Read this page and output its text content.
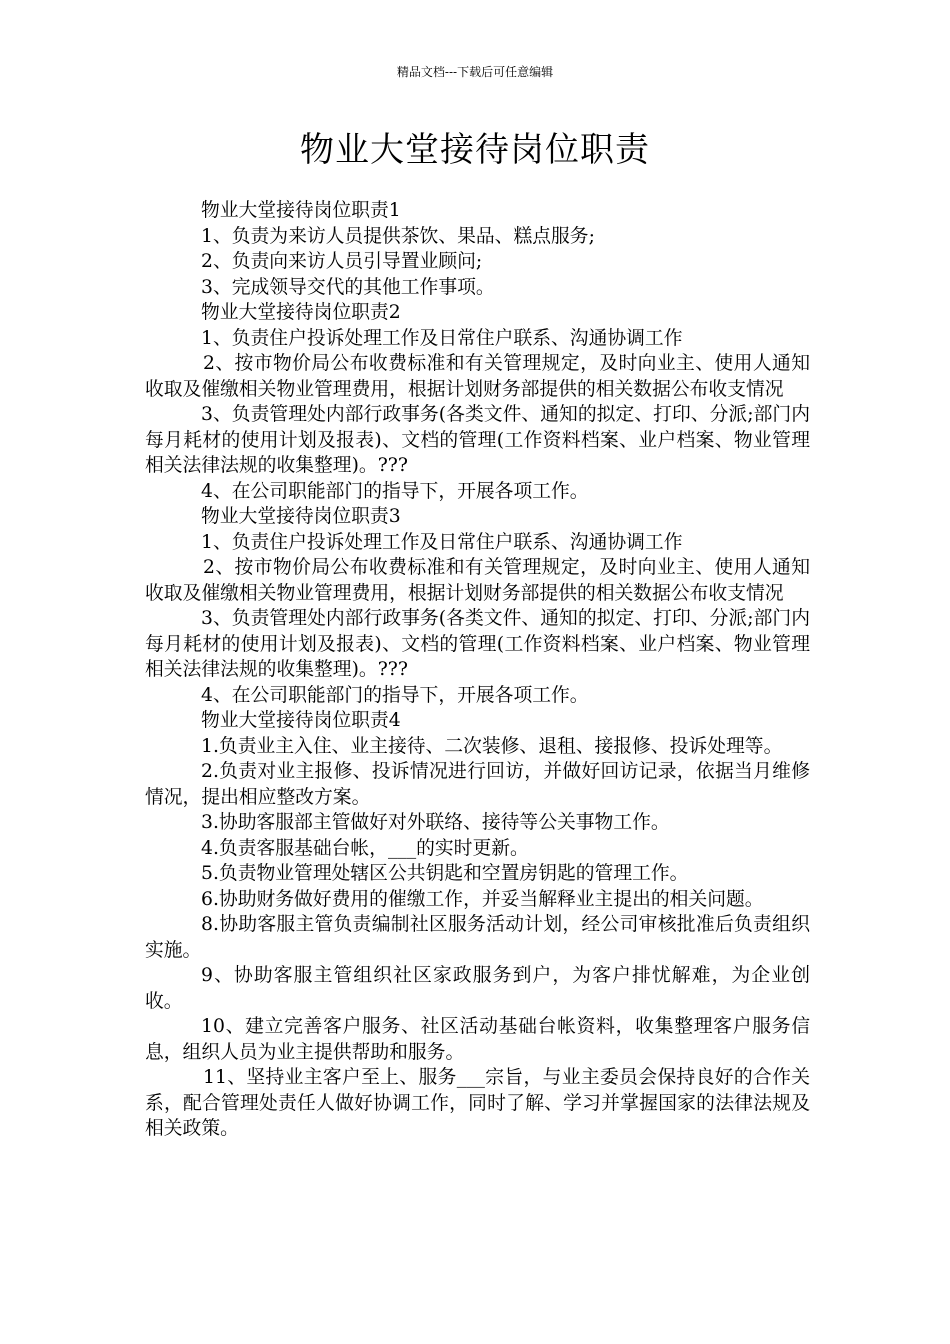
精品文档---下载后可任意编辑
物业大堂接待岗位职责

物业大堂接待岗位职责1

1、负责为来访人员提供茶饮、果品、糕点服务;

2、负责向来访人员引导置业顾问;

3、完成领导交代的其他工作事项。

物业大堂接待岗位职责2

1、负责住户投诉处理工作及日常住户联系、沟通协调工作

2、按市物价局公布收费标准和有关管理规定，及时向业主、使用人通知收取及催缴相关物业管理费用，根据计划财务部提供的相关数据公布收支情况

3、负责管理处内部行政事务(各类文件、通知的拟定、打印、分派;部门内每月耗材的使用计划及报表)、文档的管理(工作资料档案、业户档案、物业管理相关法律法规的收集整理)。???

4、在公司职能部门的指导下，开展各项工作。

物业大堂接待岗位职责3

1、负责住户投诉处理工作及日常住户联系、沟通协调工作

2、按市物价局公布收费标准和有关管理规定，及时向业主、使用人通知收取及催缴相关物业管理费用，根据计划财务部提供的相关数据公布收支情况

3、负责管理处内部行政事务(各类文件、通知的拟定、打印、分派;部门内每月耗材的使用计划及报表)、文档的管理(工作资料档案、业户档案、物业管理相关法律法规的收集整理)。???

4、在公司职能部门的指导下，开展各项工作。

物业大堂接待岗位职责4

1.负责业主入住、业主接待、二次装修、退租、接报修、投诉处理等。

2.负责对业主报修、投诉情况进行回访，并做好回访记录，依据当月维修情况，提出相应整改方案。

3.协助客服部主管做好对外联络、接待等公关事物工作。

4.负责客服基础台帐，___的实时更新。

5.负责物业管理处辖区公共钥匙和空置房钥匙的管理工作。

6.协助财务做好费用的催缴工作，并妥当解释业主提出的相关问题。

8.协助客服主管负责编制社区服务活动计划，经公司审核批准后负责组织实施。

9、协助客服主管组织社区家政服务到户，为客户排忧解难，为企业创收。

10、建立完善客户服务、社区活动基础台帐资料，收集整理客户服务信息，组织人员为业主提供帮助和服务。

11、坚持业主客户至上、服务___宗旨，与业主委员会保持良好的合作关系，配合管理处责任人做好协调工作，同时了解、学习并掌握国家的法律法规及相关政策。
